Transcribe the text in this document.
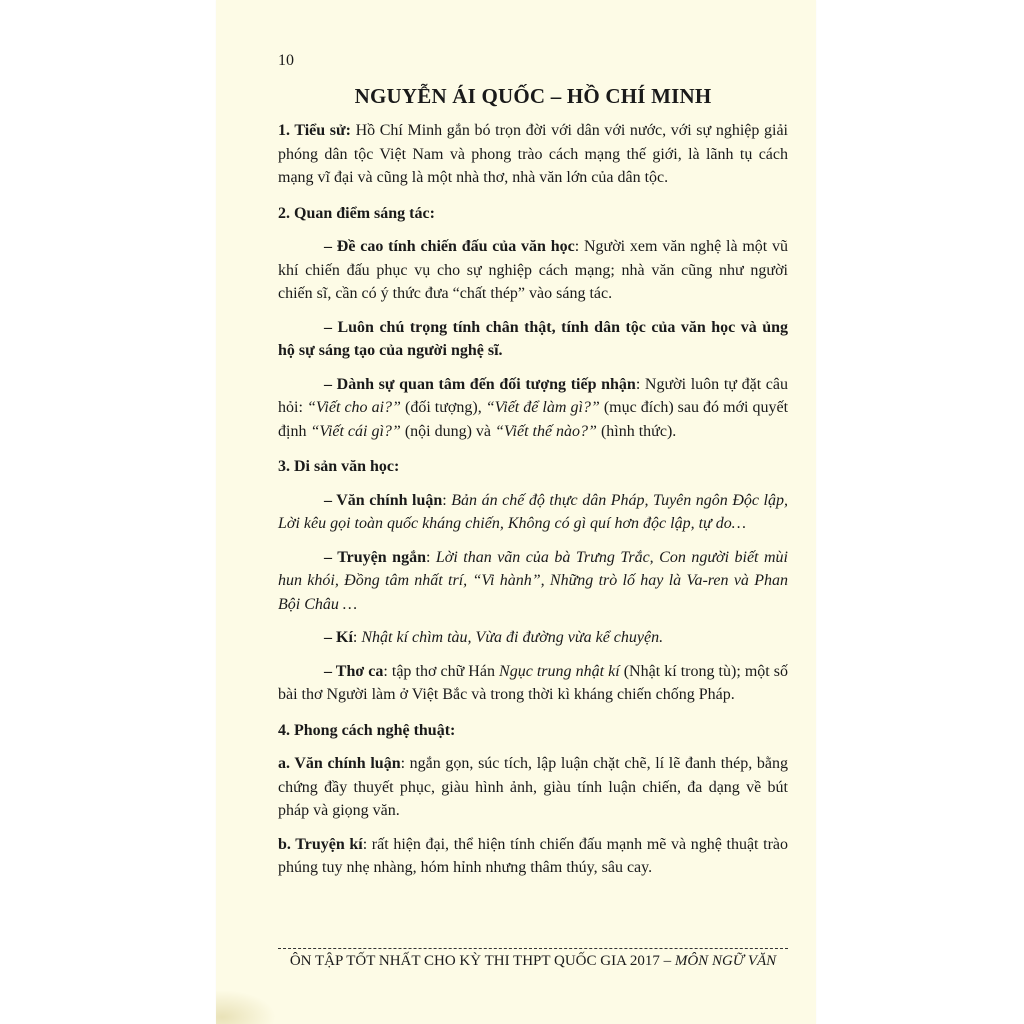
10
NGUYỄN ÁI QUỐC – HỒ CHÍ MINH

1. Tiểu sử: Hồ Chí Minh gắn bó trọn đời với dân với nước, với sự nghiệp giải phóng dân tộc Việt Nam và phong trào cách mạng thế giới, là lãnh tụ cách mạng vĩ đại và cũng là một nhà thơ, nhà văn lớn của dân tộc.

2. Quan điểm sáng tác:

– Đề cao tính chiến đấu của văn học: Người xem văn nghệ là một vũ khí chiến đấu phục vụ cho sự nghiệp cách mạng; nhà văn cũng như người chiến sĩ, cần có ý thức đưa “chất thép” vào sáng tác.

– Luôn chú trọng tính chân thật, tính dân tộc của văn học và ủng hộ sự sáng tạo của người nghệ sĩ.

– Dành sự quan tâm đến đối tượng tiếp nhận: Người luôn tự đặt câu hỏi: “Viết cho ai?” (đối tượng), “Viết để làm gì?” (mục đích) sau đó mới quyết định “Viết cái gì?” (nội dung) và “Viết thế nào?” (hình thức).

3. Di sản văn học:

– Văn chính luận: Bản án chế độ thực dân Pháp, Tuyên ngôn Độc lập, Lời kêu gọi toàn quốc kháng chiến, Không có gì quí hơn độc lập, tự do…

– Truyện ngắn: Lời than vãn của bà Trưng Trắc, Con người biết mùi hun khói, Đồng tâm nhất trí, “Vi hành”, Những trò lố hay là Va-ren và Phan Bội Châu …

– Kí: Nhật kí chìm tàu, Vừa đi đường vừa kể chuyện.

– Thơ ca: tập thơ chữ Hán Ngục trung nhật kí (Nhật kí trong tù); một số bài thơ Người làm ở Việt Bắc và trong thời kì kháng chiến chống Pháp.

4. Phong cách nghệ thuật:

a. Văn chính luận: ngắn gọn, súc tích, lập luận chặt chẽ, lí lẽ đanh thép, bằng chứng đầy thuyết phục, giàu hình ảnh, giàu tính luận chiến, đa dạng về bút pháp và giọng văn.

b. Truyện kí: rất hiện đại, thể hiện tính chiến đấu mạnh mẽ và nghệ thuật trào phúng tuy nhẹ nhàng, hóm hỉnh nhưng thâm thúy, sâu cay.

ÔN TẬP TỐT NHẤT CHO KỲ THI THPT QUỐC GIA 2017 – MÔN NGỮ VĂN
